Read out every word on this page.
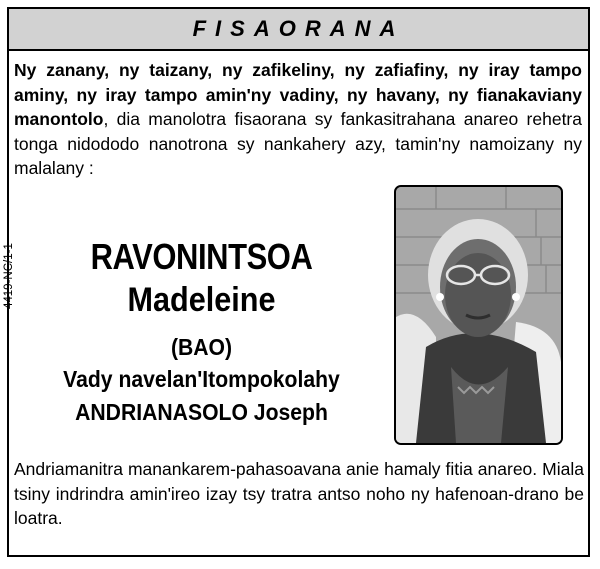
FISAORANA
Ny zanany, ny taizany, ny zafikeliny, ny zafiafiny, ny iray tampo aminy, ny iray tampo amin'ny vadiny, ny havany, ny fianakaviany manontolo, dia manolotra fisaorana sy fankasitrahana anareo rehetra tonga nidododo nanotrona sy nankahery azy, tamin'ny namoizany ny malalany :
4419-NC/1-1	RAVONINTSOA
Madeleine
(BAO)
Vady navelan'Itompokolahy
ANDRIANASOLO Joseph
Andriamanitra manankarem-pahasoavana anie hamaly fitia anareo. Miala tsiny indrindra amin'ireo izay tsy tratra antso noho ny hafenoan-drano be loatra.
